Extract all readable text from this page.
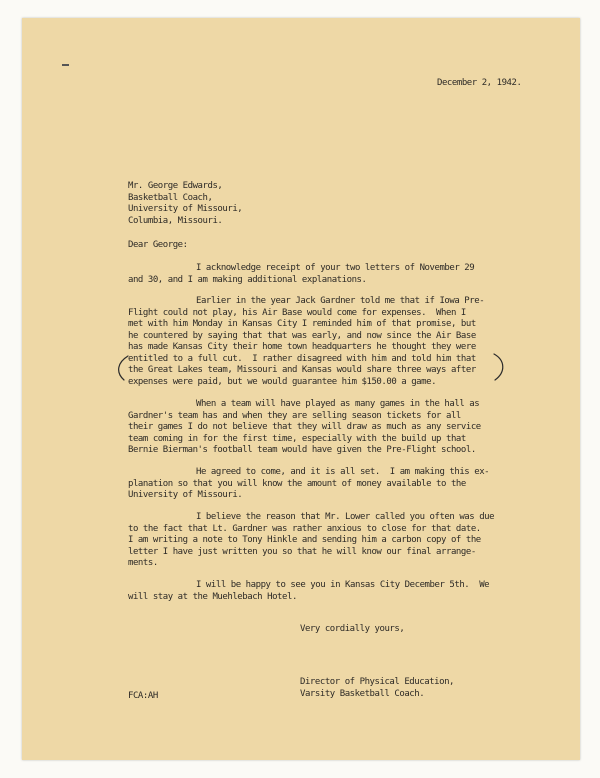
December 2, 1942.
Mr. George Edwards,
Basketball Coach,
University of Missouri,
Columbia, Missouri.
Dear George:
I acknowledge receipt of your two letters of November 29
and 30, and I am making additional explanations.
Earlier in the year Jack Gardner told me that if Iowa Pre-
Flight could not play, his Air Base would come for expenses.  When I
met with him Monday in Kansas City I reminded him of that promise, but
he countered by saying that that was early, and now since the Air Base
has made Kansas City their home town headquarters he thought they were
entitled to a full cut.  I rather disagreed with him and told him that
the Great Lakes team, Missouri and Kansas would share three ways after
expenses were paid, but we would guarantee him $150.00 a game.
When a team will have played as many games in the hall as
Gardner's team has and when they are selling season tickets for all
their games I do not believe that they will draw as much as any service
team coming in for the first time, especially with the build up that
Bernie Bierman's football team would have given the Pre-Flight school.
He agreed to come, and it is all set.  I am making this ex-
planation so that you will know the amount of money available to the
University of Missouri.
I believe the reason that Mr. Lower called you often was due
to the fact that Lt. Gardner was rather anxious to close for that date.
I am writing a note to Tony Hinkle and sending him a carbon copy of the
letter I have just written you so that he will know our final arrange-
ments.
I will be happy to see you in Kansas City December 5th.  We
will stay at the Muehlebach Hotel.
Very cordially yours,
Director of Physical Education,
Varsity Basketball Coach.
FCA:AH
